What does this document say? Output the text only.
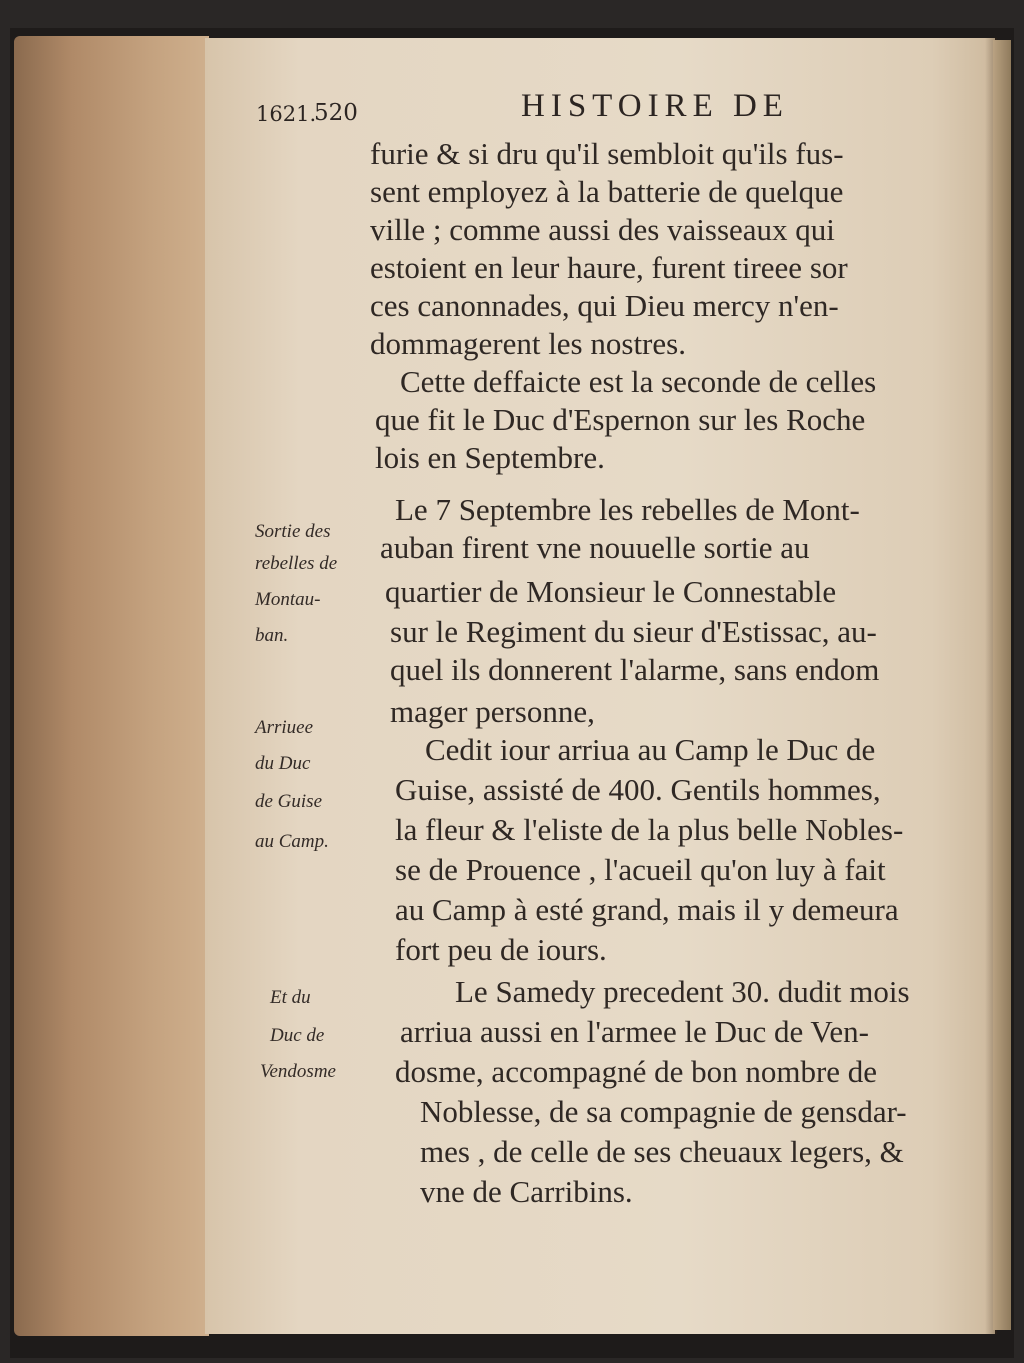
1621.
520	HISTOIRE DE
furie & si dru qu'il sembloit qu'ils fus-
sent employez à la batterie de quelque
ville ; comme aussi des vaisseaux qui
estoient en leur haure, furent tireee sor
ces canonnades, qui Dieu mercy n'en-
dommagerent les nostres.
Cette deffaicte est la seconde de celles
que fit le Duc d'Espernon sur les Roche
lois en Septembre.
Le 7 Septembre les rebelles de Mont-
auban firent vne nouuelle sortie au
quartier de Monsieur le Connestable
sur le Regiment du sieur d'Estissac, au-
quel ils donnerent l'alarme, sans endom
mager personne,
Cedit iour arriua au Camp le Duc de
Guise, assisté de 400. Gentils hommes,
la fleur & l'eliste de la plus belle Nobles-
se de Prouence , l'acueil qu'on luy à fait
au Camp à esté grand, mais il y demeura
fort peu de iours.
Le Samedy precedent 30. dudit mois
arriua aussi en l'armee le Duc de Ven-
dosme, accompagné de bon nombre de
Noblesse, de sa compagnie de gensdar-
mes , de celle de ses cheuaux legers, &
vne de Carribins.
Sortie des
rebelles de
Montau-
ban.
Arriuee
du Duc
de Guise
au Camp.
Et du
Duc de
Vendosme
